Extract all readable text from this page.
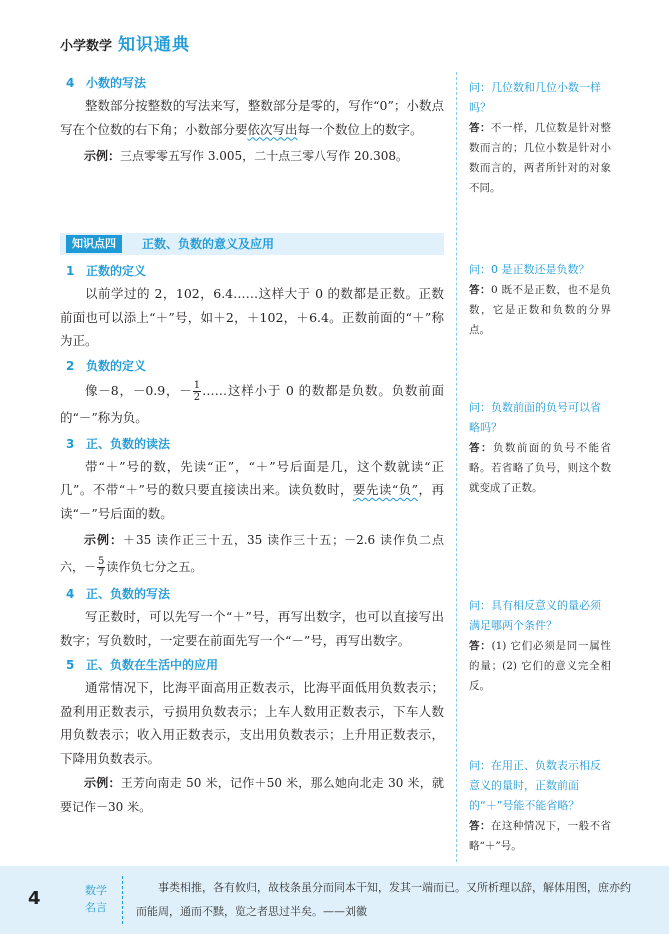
小学数学 知识通典

4 小数的写法

整数部分按整数的写法来写，整数部分是零的，写作“0”；小数点写在个位数的右下角；小数部分要依次写出每一个数位上的数字。

示例：三点零零五写作 3.005，二十点三零八写作 20.308。

知识点四	正数、负数的意义及应用

1 正数的定义

以前学过的 2，102，6.4……这样大于 0 的数都是正数。正数前面也可以添上“＋”号，如＋2，＋102，＋6.4。正数前面的“＋”称为正。

2 负数的定义

像－8，－0.9，－ $\frac{1}{2}$ ……这样小于 0 的数都是负数。负数前面的“－”称为负。

3 正、负数的读法

带“＋”号的数，先读“正”，“＋”号后面是几，这个数就读“正几”。不带“＋”号的数只要直接读出来。读负数时，要先读“负”，再读“－”号后面的数。

示例：＋35 读作正三十五，35 读作三十五；－2.6 读作负二点六，－ $\frac{5}{7}$ 读作负七分之五。

4 正、负数的写法

写正数时，可以先写一个“＋”号，再写出数字，也可以直接写出数字；写负数时，一定要在前面先写一个“－”号，再写出数字。

5 正、负数在生活中的应用

通常情况下，比海平面高用正数表示，比海平面低用负数表示；盈利用正数表示，亏损用负数表示；上车人数用正数表示，下车人数用负数表示；收入用正数表示，支出用负数表示；上升用正数表示，下降用负数表示。

示例：王芳向南走 50 米，记作＋50 米，那么她向北走 30 米，就要记作－30 米。

问：几位数和几位小数一样吗？
答：不一样，几位数是针对整数而言的；几位小数是针对小数而言的，两者所针对的对象不同。
问：0 是正数还是负数？
答：0 既不是正数，也不是负数，它是正数和负数的分界点。
问：负数前面的负号可以省略吗？
答：负数前面的负号不能省略。若省略了负号，则这个数就变成了正数。
问：具有相反意义的量必须满足哪两个条件？
答：(1) 它们必须是同一属性的量；(2) 它们的意义完全相反。
问：在用正、负数表示相反意义的量时，正数前面的“＋”号能不能省略？
答：在这种情况下，一般不省略“＋”号。
4	数学
名言
事类相推，各有攸归，故枝条虽分而同本干知，发其一端而已。又所析理以辞，解体用图，庶亦约而能周，通而不黩，览之者思过半矣。——刘徽
